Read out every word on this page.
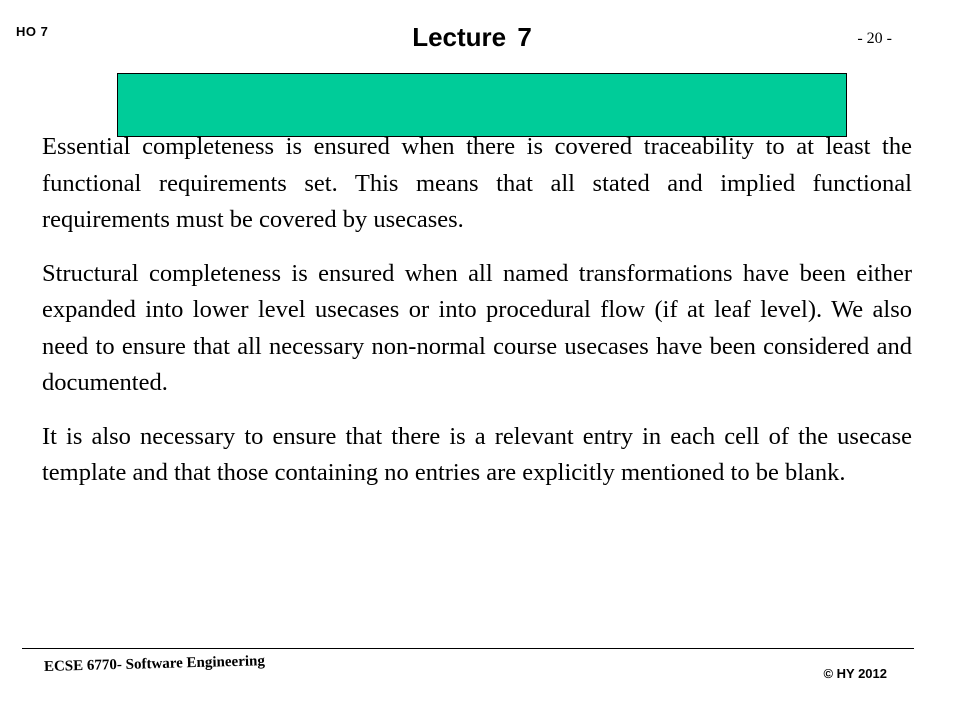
HO 7	Lecture 7	- 20 -

Essential completeness is ensured when there is covered traceability to at least the functional requirements set. This means that all stated and implied functional requirements must be covered by usecases.

Structural completeness is ensured when all named transformations have been either expanded into lower level usecases or into procedural flow (if at leaf level). We also need to ensure that all necessary non-normal course usecases have been considered and documented.

It is also necessary to ensure that there is a relevant entry in each cell of the usecase template and that those containing no entries are explicitly mentioned to be blank.

ECSE 6770- Software Engineering	© HY 2012
